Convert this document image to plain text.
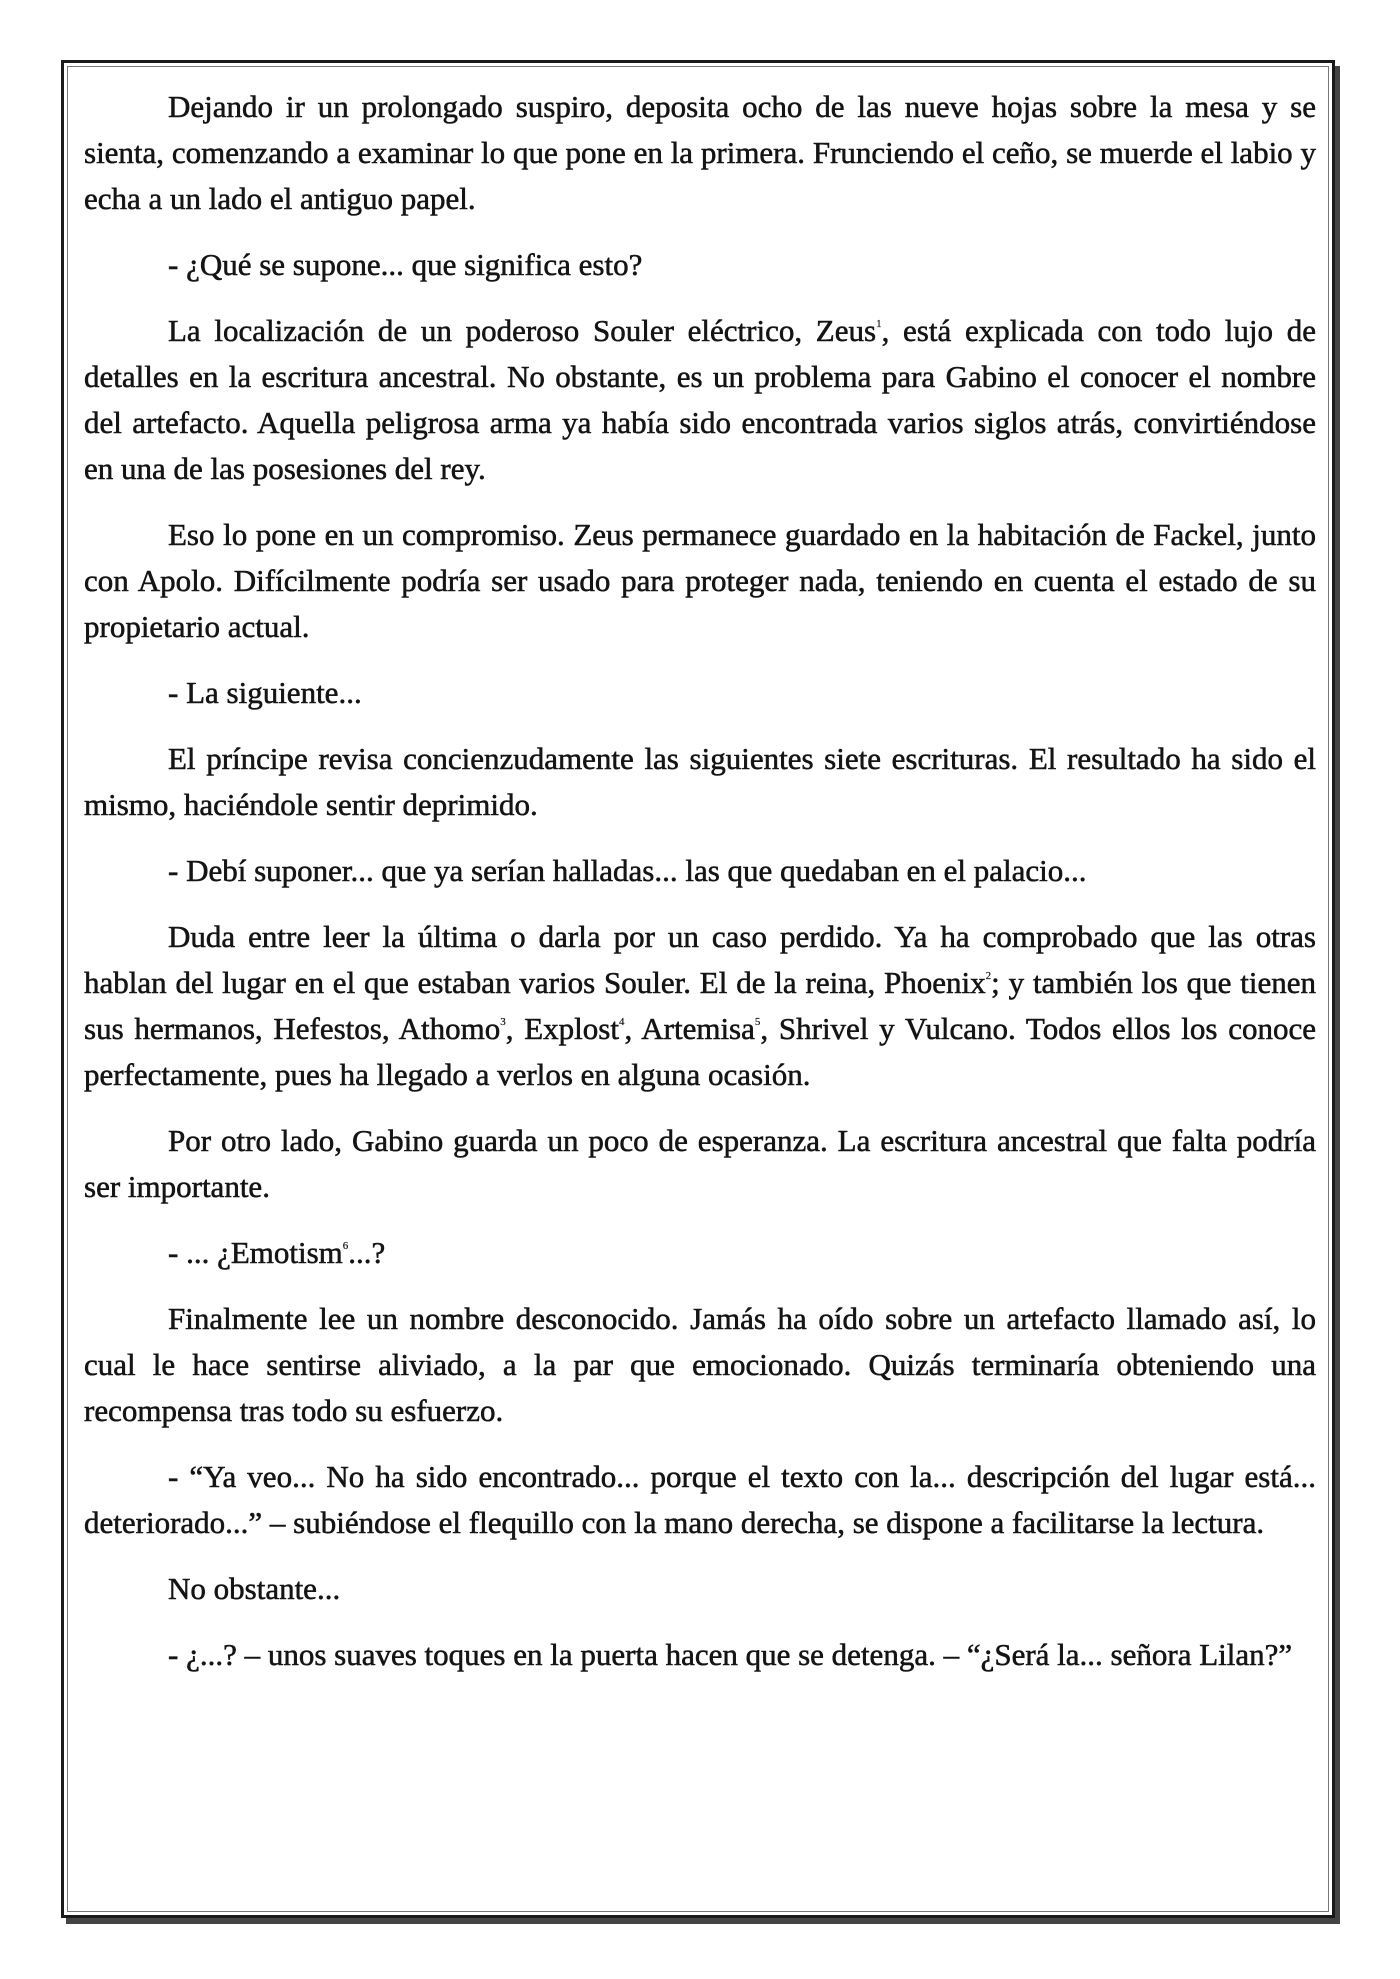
Dejando ir un prolongado suspiro, deposita ocho de las nueve hojas sobre la mesa y se sienta, comenzando a examinar lo que pone en la primera. Frunciendo el ceño, se muerde el labio y echa a un lado el antiguo papel.

- ¿Qué se supone... que significa esto?

La localización de un poderoso Souler eléctrico, Zeus$^1$, está explicada con todo lujo de detalles en la escritura ancestral. No obstante, es un problema para Gabino el conocer el nombre del artefacto. Aquella peligrosa arma ya había sido encontrada varios siglos atrás, convirtiéndose en una de las posesiones del rey.

Eso lo pone en un compromiso. Zeus permanece guardado en la habitación de Fackel, junto con Apolo. Difícilmente podría ser usado para proteger nada, teniendo en cuenta el estado de su propietario actual.

- La siguiente...

El príncipe revisa concienzudamente las siguientes siete escrituras. El resultado ha sido el mismo, haciéndole sentir deprimido.

- Debí suponer... que ya serían halladas... las que quedaban en el palacio...

Duda entre leer la última o darla por un caso perdido. Ya ha comprobado que las otras hablan del lugar en el que estaban varios Souler. El de la reina, Phoenix$^2$; y también los que tienen sus hermanos, Hefestos, Athomo$^3$, Explost$^4$, Artemisa$^5$, Shrivel y Vulcano. Todos ellos los conoce perfectamente, pues ha llegado a verlos en alguna ocasión.

Por otro lado, Gabino guarda un poco de esperanza. La escritura ancestral que falta podría ser importante.

- ... ¿Emotism$^6$...?

Finalmente lee un nombre desconocido. Jamás ha oído sobre un artefacto llamado así, lo cual le hace sentirse aliviado, a la par que emocionado. Quizás terminaría obteniendo una recompensa tras todo su esfuerzo.

- “Ya veo... No ha sido encontrado... porque el texto con la... descripción del lugar está... deteriorado...” – subiéndose el flequillo con la mano derecha, se dispone a facilitarse la lectura.

No obstante...

- ¿...? – unos suaves toques en la puerta hacen que se detenga. – “¿Será la... señora Lilan?”
